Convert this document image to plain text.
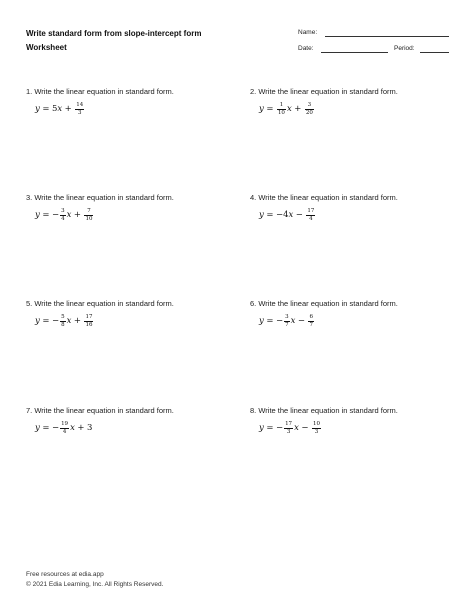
Write standard form from slope-intercept form
Worksheet
Name:
Date:	Period:
1. Write the linear equation in standard form.
y = 5 $x + \frac{14}{3}$
2. Write the linear equation in standard form.
$y = \frac{1}{10}$ $x + \frac{3}{20}$
3. Write the linear equation in standard form.
y = − $\frac{3}{4}$ $x + \frac{7}{10}$
4. Write the linear equation in standard form.
y = − 4 $x - \frac{17}{4}$
5. Write the linear equation in standard form.
y = − $\frac{5}{8}$ $x + \frac{17}{16}$
6. Write the linear equation in standard form.
y = − $\frac{3}{7}$ $x - \frac{6}{7}$
7. Write the linear equation in standard form.
y = − $\frac{19}{4}$ x + 3
8. Write the linear equation in standard form.
y = − $\frac{17}{3}$ $x - \frac{10}{3}$
Free resources at edia.app
© 2021 Edia Learning, Inc. All Rights Reserved.
